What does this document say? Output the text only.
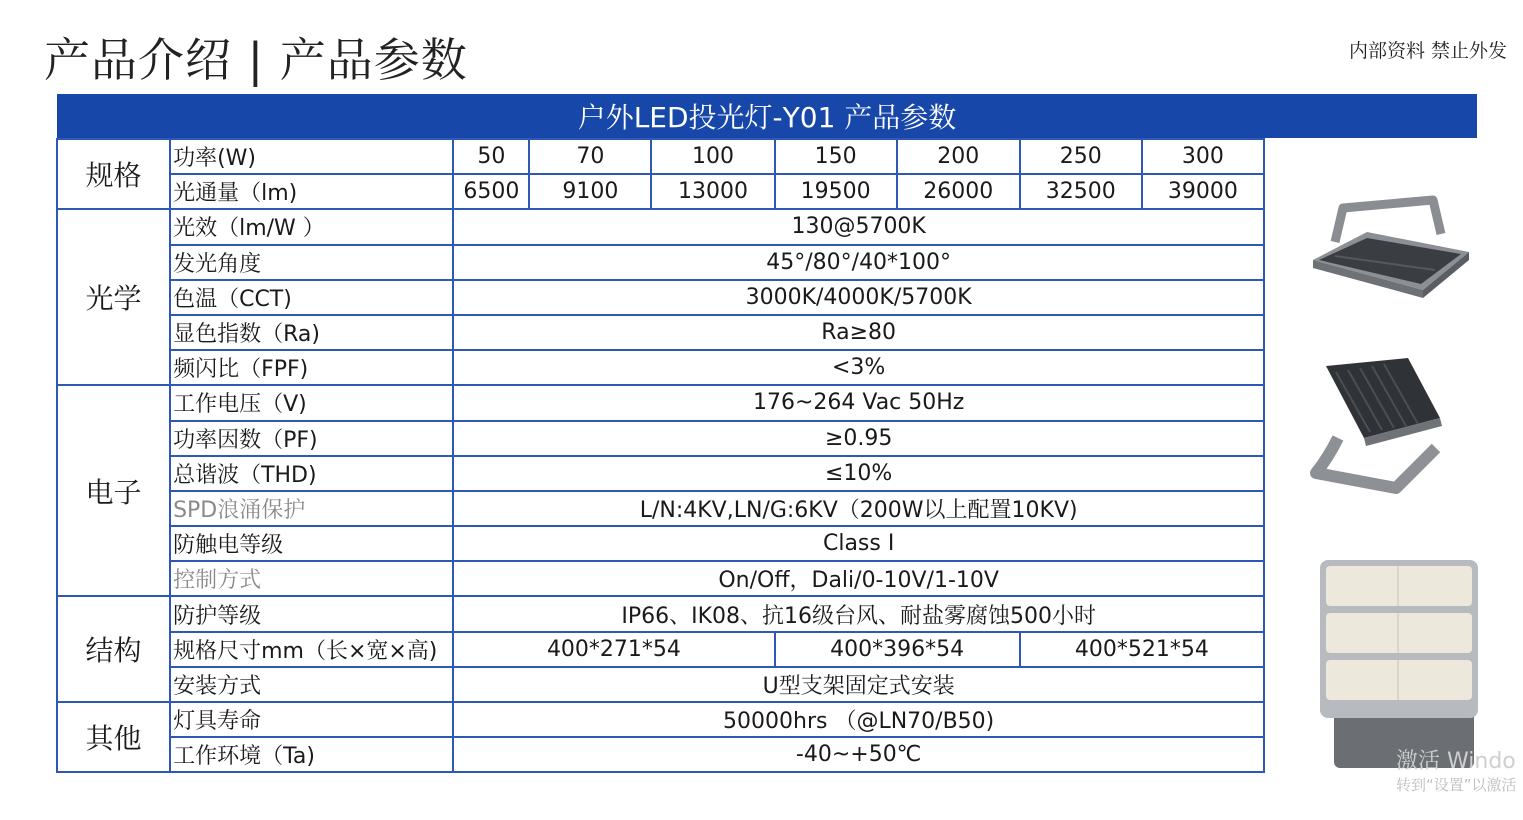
产品介绍 | 产品参数	内部资料 禁止外发
户外LED投光灯-Y01 产品参数
规格	功率(W)	50	70	100	150	200	250	300
	光通量（lm)	6500	9100	13000	19500	26000	32500	39000
光学	光效（lm/W ）	130@5700K						
	发光角度	45°/80°/40*100°						
	色温（CCT)	3000K/4000K/5700K						
	显色指数（Ra)	Ra≥80						
	频闪比（FPF)	<3%						
电子	工作电压（V)	176~264 Vac 50Hz						
	功率因数（PF)	≥0.95						
	总谐波（THD)	≤10%						
	SPD浪涌保护	L/N:4KV,LN/G:6KV（200W以上配置10KV)						
	防触电等级	Class I						
	控制方式	On/Off，Dali/0-10V/1-10V						
结构	防护等级	IP66、IK08、抗16级台风、耐盐雾腐蚀500小时						
	规格尺寸mm（长×宽×高)	400*271*54			400*396*54		400*521*54	
	安装方式	U型支架固定式安装						
其他	灯具寿命	50000hrs （@LN70/B50)						
	工作环境（Ta)	-40~+50℃							激活 Windo
转到“设置”以激活
